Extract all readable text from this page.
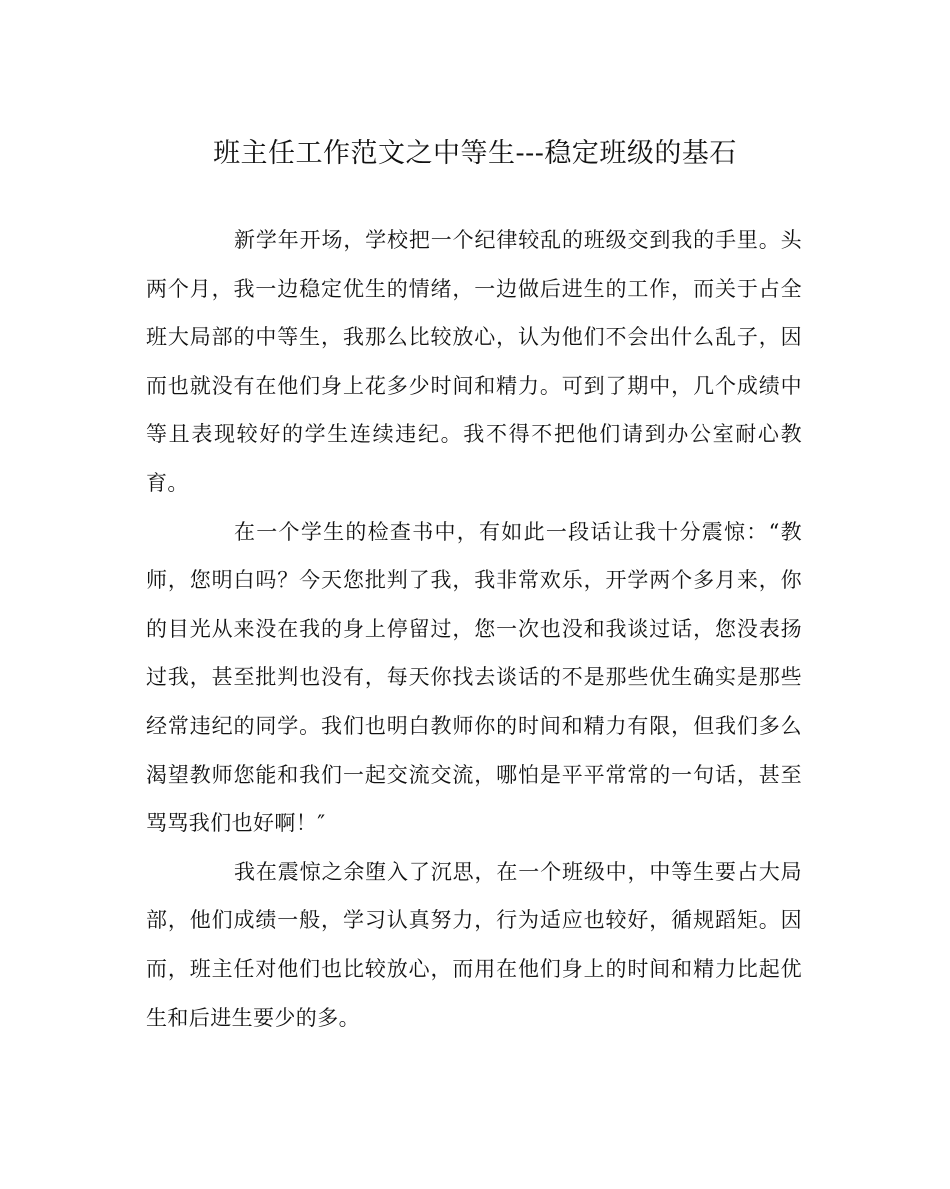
班主任工作范文之中等生---稳定班级的基石

新学年开场，学校把一个纪律较乱的班级交到我的手里。头两个月，我一边稳定优生的情绪，一边做后进生的工作，而关于占全班大局部的中等生，我那么比较放心，认为他们不会出什么乱子，因而也就没有在他们身上花多少时间和精力。可到了期中，几个成绩中等且表现较好的学生连续违纪。我不得不把他们请到办公室耐心教育。

在一个学生的检查书中，有如此一段话让我十分震惊：“教师，您明白吗？今天您批判了我，我非常欢乐，开学两个多月来，你的目光从来没在我的身上停留过，您一次也没和我谈过话，您没表扬过我，甚至批判也没有，每天你找去谈话的不是那些优生确实是那些经常违纪的同学。我们也明白教师你的时间和精力有限，但我们多么渴望教师您能和我们一起交流交流，哪怕是平平常常的一句话，甚至骂骂我们也好啊！″

我在震惊之余堕入了沉思，在一个班级中，中等生要占大局部，他们成绩一般，学习认真努力，行为适应也较好，循规蹈矩。因而，班主任对他们也比较放心，而用在他们身上的时间和精力比起优生和后进生要少的多。
